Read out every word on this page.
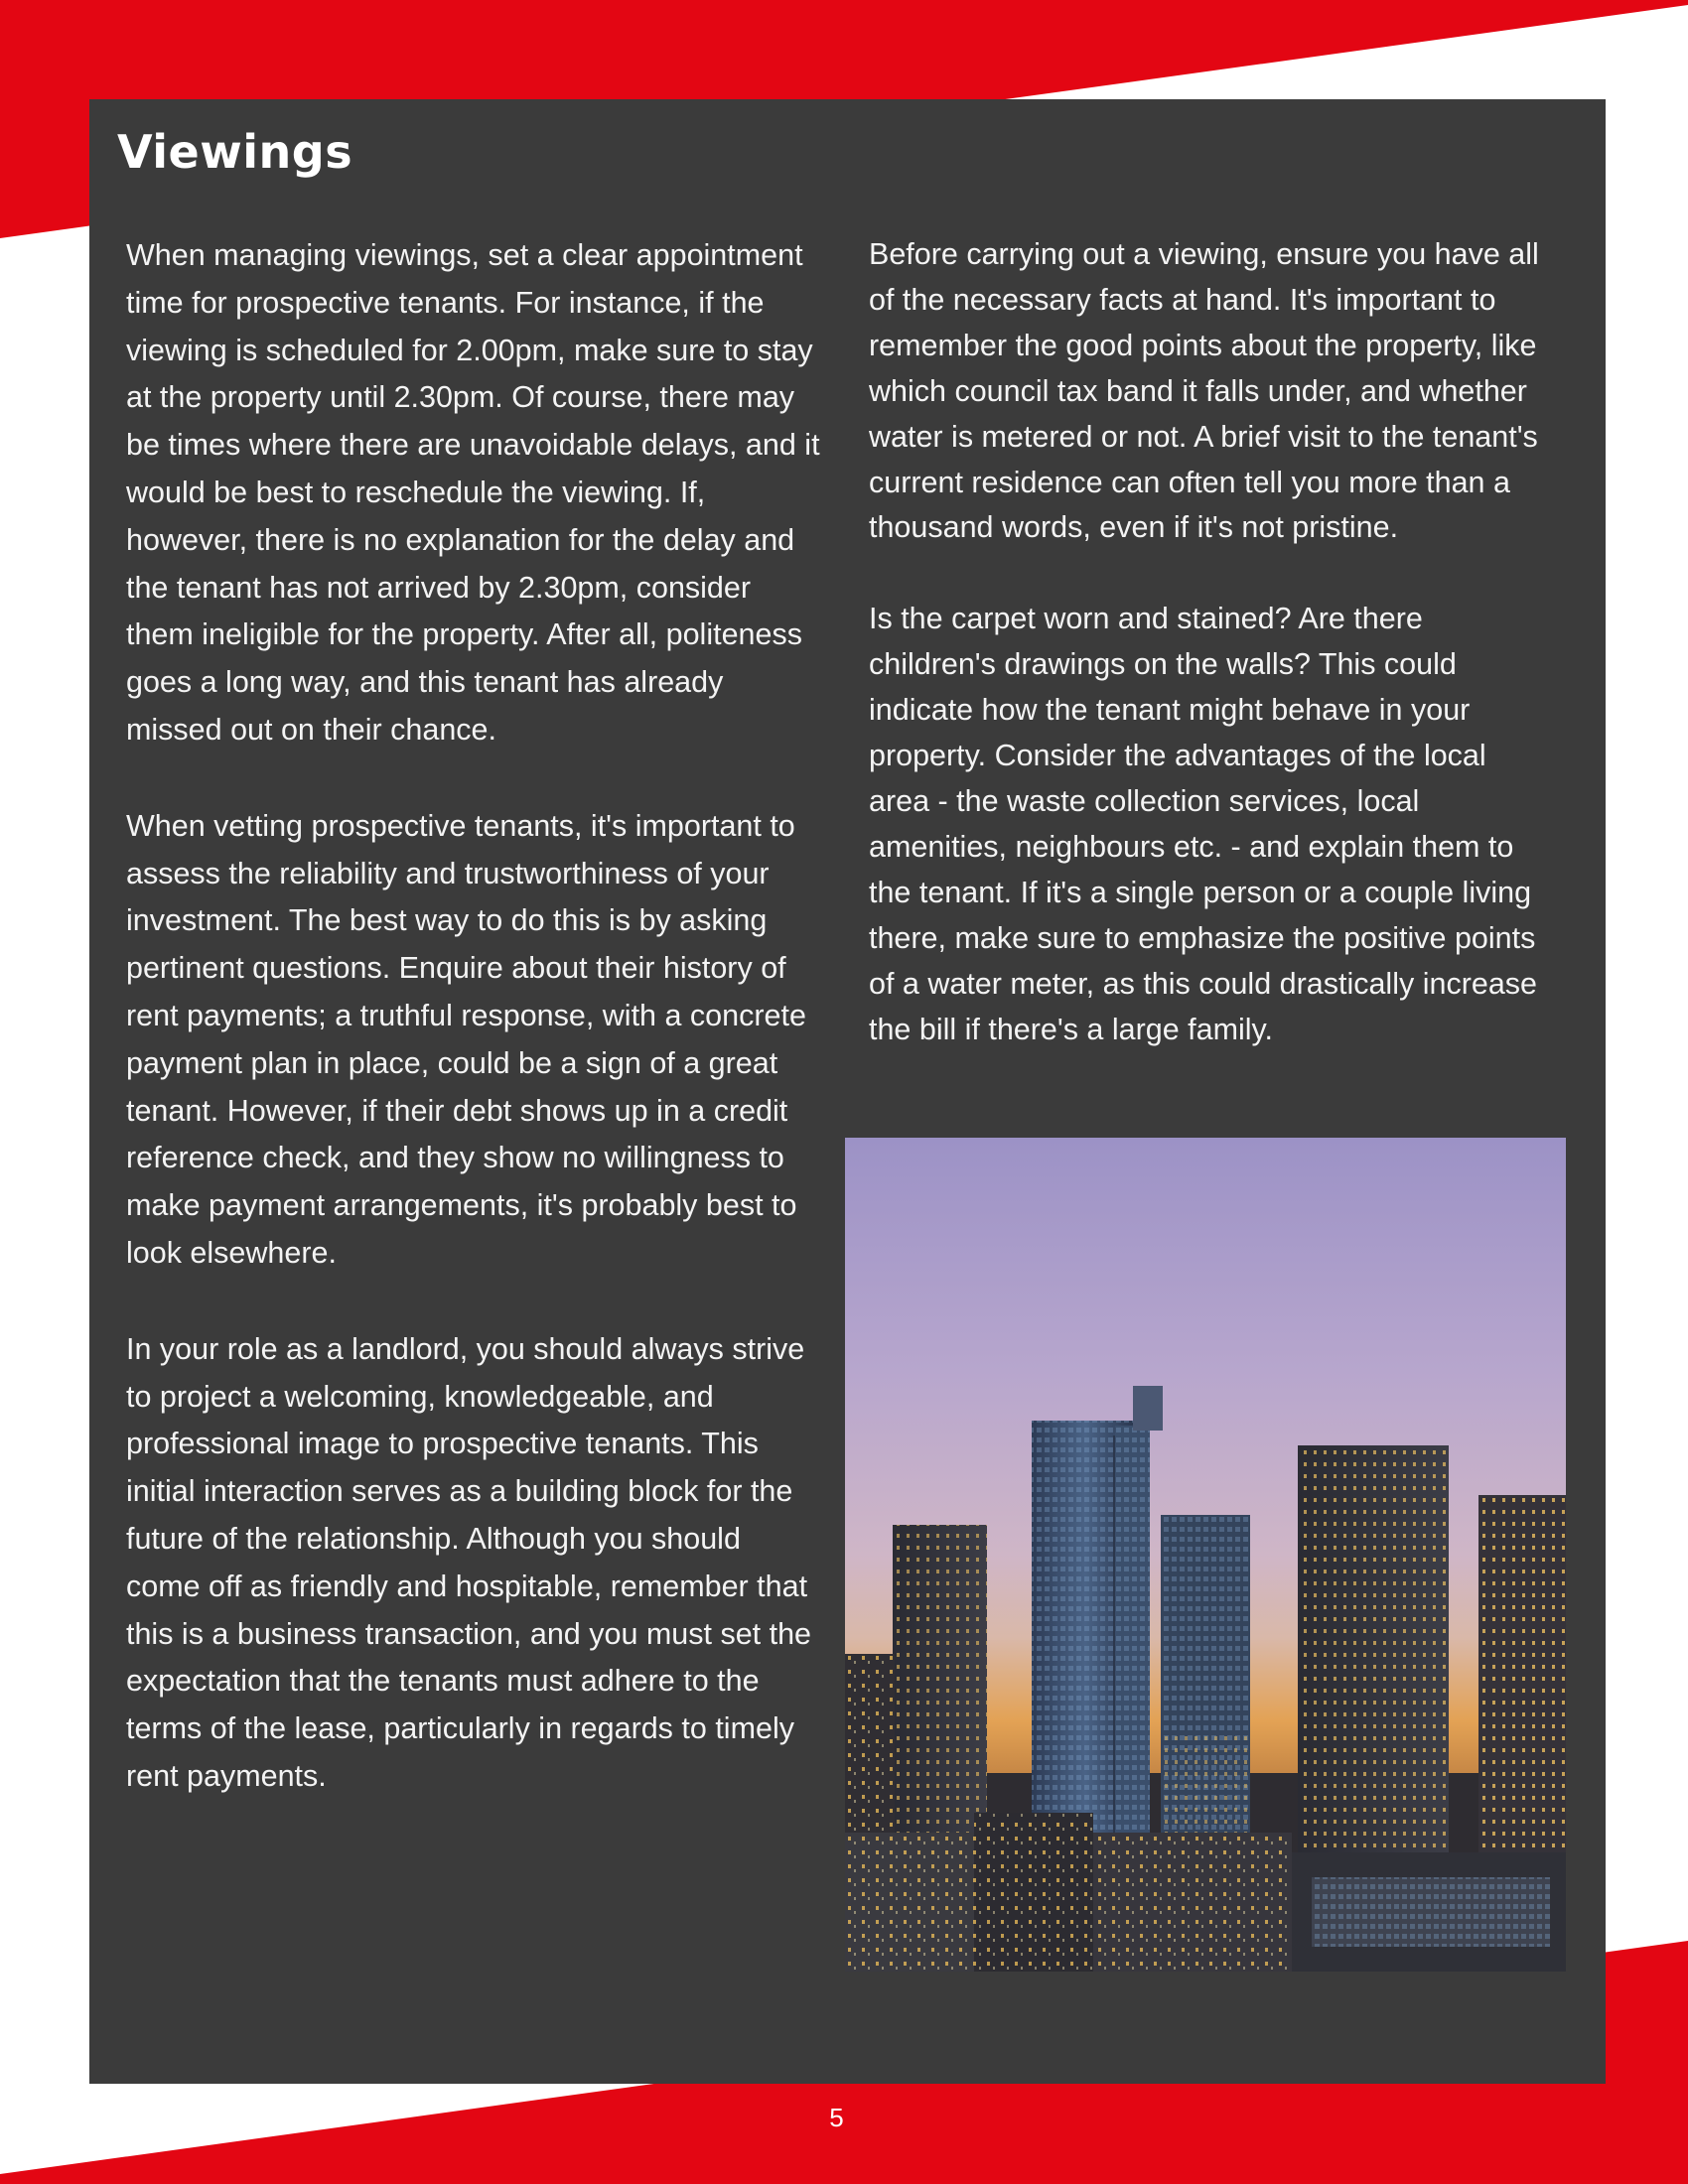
Viewings

When managing viewings, set a clear appointment time for prospective tenants. For instance, if the viewing is scheduled for 2.00pm, make sure to stay at the property until 2.30pm. Of course, there may be times where there are unavoidable delays, and it would be best to reschedule the viewing. If, however, there is no explanation for the delay and the tenant has not arrived by 2.30pm, consider them ineligible for the property. After all, politeness goes a long way, and this tenant has already missed out on their chance.

When vetting prospective tenants, it's important to assess the reliability and trustworthiness of your investment. The best way to do this is by asking pertinent questions. Enquire about their history of rent payments; a truthful response, with a concrete payment plan in place, could be a sign of a great tenant. However, if their debt shows up in a credit reference check, and they show no willingness to make payment arrangements, it's probably best to look elsewhere.

In your role as a landlord, you should always strive to project a welcoming, knowledgeable, and professional image to prospective tenants. This initial interaction serves as a building block for the future of the relationship. Although you should come off as friendly and hospitable, remember that this is a business transaction, and you must set the expectation that the tenants must adhere to the terms of the lease, particularly in regards to timely rent payments.

Before carrying out a viewing, ensure you have all of the necessary facts at hand. It's important to remember the good points about the property, like which council tax band it falls under, and whether water is metered or not. A brief visit to the tenant's current residence can often tell you more than a thousand words, even if it's not pristine.

Is the carpet worn and stained? Are there children's drawings on the walls? This could indicate how the tenant might behave in your property. Consider the advantages of the local area - the waste collection services, local amenities, neighbours etc. - and explain them to the tenant. If it's a single person or a couple living there, make sure to emphasize the positive points of a water meter, as this could drastically increase the bill if there's a large family.

5
